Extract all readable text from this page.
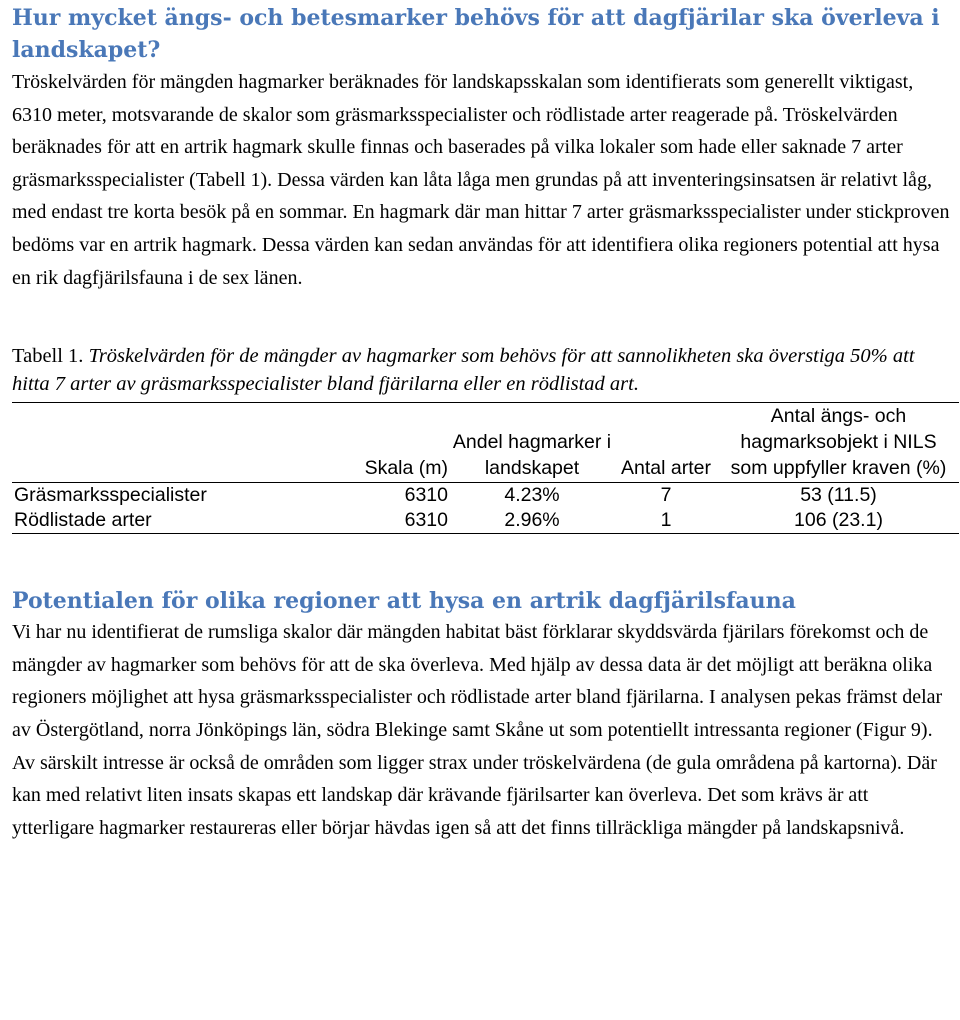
Hur mycket ängs- och betesmarker behövs för att dagfjärilar ska överleva i landskapet?

Tröskelvärden för mängden hagmarker beräknades för landskapsskalan som identifierats som generellt viktigast, 6310 meter, motsvarande de skalor som gräsmarksspecialister och rödlistade arter reagerade på. Tröskelvärden beräknades för att en artrik hagmark skulle finnas och baserades på vilka lokaler som hade eller saknade 7 arter gräsmarksspecialister (Tabell 1). Dessa värden kan låta låga men grundas på att inventeringsinsatsen är relativt låg, med endast tre korta besök på en sommar. En hagmark där man hittar 7 arter gräsmarksspecialister under stickproven bedöms var en artrik hagmark. Dessa värden kan sedan användas för att identifiera olika regioners potential att hysa en rik dagfjärilsfauna i de sex länen.

Tabell 1. Tröskelvärden för de mängder av hagmarker som behövs för att sannolikheten ska överstiga 50% att hitta 7 arter av gräsmarksspecialister bland fjärilarna eller en rödlistad art.

	Skala (m)	Andel hagmarker i landskapet	Antal arter	Antal ängs- och hagmarksobjekt i NILS som uppfyller kraven (%)
Gräsmarksspecialister	6310	4.23%	7	53 (11.5)
Rödlistade arter	6310	2.96%	1	106 (23.1)
Potentialen för olika regioner att hysa en artrik dagfjärilsfauna

Vi har nu identifierat de rumsliga skalor där mängden habitat bäst förklarar skyddsvärda fjärilars förekomst och de mängder av hagmarker som behövs för att de ska överleva. Med hjälp av dessa data är det möjligt att beräkna olika regioners möjlighet att hysa gräsmarksspecialister och rödlistade arter bland fjärilarna. I analysen pekas främst delar av Östergötland, norra Jönköpings län, södra Blekinge samt Skåne ut som potentiellt intressanta regioner (Figur 9). Av särskilt intresse är också de områden som ligger strax under tröskelvärdena (de gula områdena på kartorna). Där kan med relativt liten insats skapas ett landskap där krävande fjärilsarter kan överleva. Det som krävs är att ytterligare hagmarker restaureras eller börjar hävdas igen så att det finns tillräckliga mängder på landskapsnivå.
